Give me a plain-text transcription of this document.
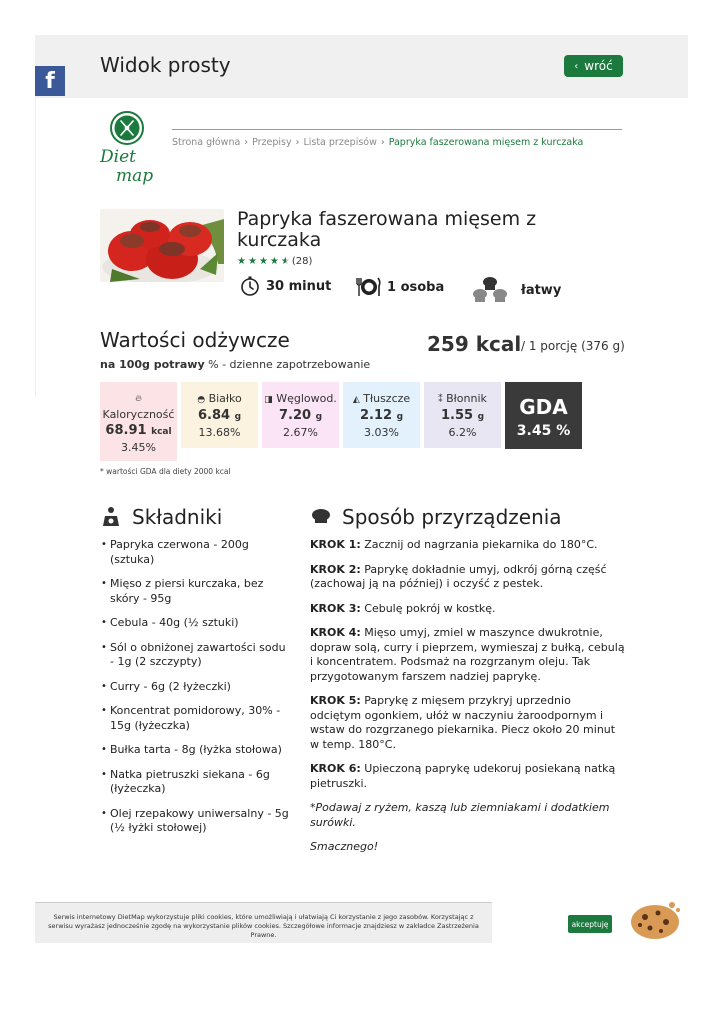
Widok prosty	‹ wróć
f
Diet
map
Strona główna › Przepisy › Lista przepisów › Papryka faszerowana mięsem z kurczaka
Papryka faszerowana mięsem z kurczaka
★ ★ ★ ★ ★ (28)
30 minut	1 osoba	łatwy
Wartości odżywcze	259 kcal / 1 porcję (376 g)
na 100g potrawy % - dzienne zapotrzebowanie
🔥︎
Kaloryczność
68.91 kcal
3.45%
◓ Białko
6.84 g
13.68%
◨ Węglowod.
7.20 g
2.67%
◭ Tłuszcze
2.12 g
3.03%
⁑ Błonnik
1.55 g
6.2%
GDA
3.45 %
* wartości GDA dla diety 2000 kcal
Składniki
• Papryka czerwona - 200g (sztuka)
• Mięso z piersi kurczaka, bez skóry - 95g
• Cebula - 40g (½ sztuki)
• Sól o obniżonej zawartości sodu - 1g (2 szczypty)
• Curry - 6g (2 łyżeczki)
• Koncentrat pomidorowy, 30% - 15g (łyżeczka)
• Bułka tarta - 8g (łyżka stołowa)
• Natka pietruszki siekana - 6g (łyżeczka)
• Olej rzepakowy uniwersalny - 5g (½ łyżki stołowej)
Sposób przyrządzenia

KROK 1: Zacznij od nagrzania piekarnika do 180°C.

KROK 2: Paprykę dokładnie umyj, odkrój górną część (zachowaj ją na później) i oczyść z pestek.

KROK 3: Cebulę pokrój w kostkę.

KROK 4: Mięso umyj, zmiel w maszynce dwukrotnie, dopraw solą, curry i pieprzem, wymieszaj z bułką, cebulą i koncentratem. Podsmaż na rozgrzanym oleju. Tak przygotowanym farszem nadziej paprykę.

KROK 5: Paprykę z mięsem przykryj uprzednio odciętym ogonkiem, ułóż w naczyniu żaroodpornym i wstaw do rozgrzanego piekarnika. Piecz około 20 minut w temp. 180°C.

KROK 6: Upieczoną paprykę udekoruj posiekaną natką pietruszki.

*Podawaj z ryżem, kaszą lub ziemniakami i dodatkiem surówki.

Smacznego!

Serwis internetowy DietMap wykorzystuje pliki cookies, które umożliwiają i ułatwiają Ci korzystanie z jego zasobów. Korzystając z serwisu wyrażasz jednocześnie zgodę na wykorzystanie plików cookies. Szczegółowe informacje znajdziesz w zakładce Zastrzeżenia Prawne.
akceptuję
